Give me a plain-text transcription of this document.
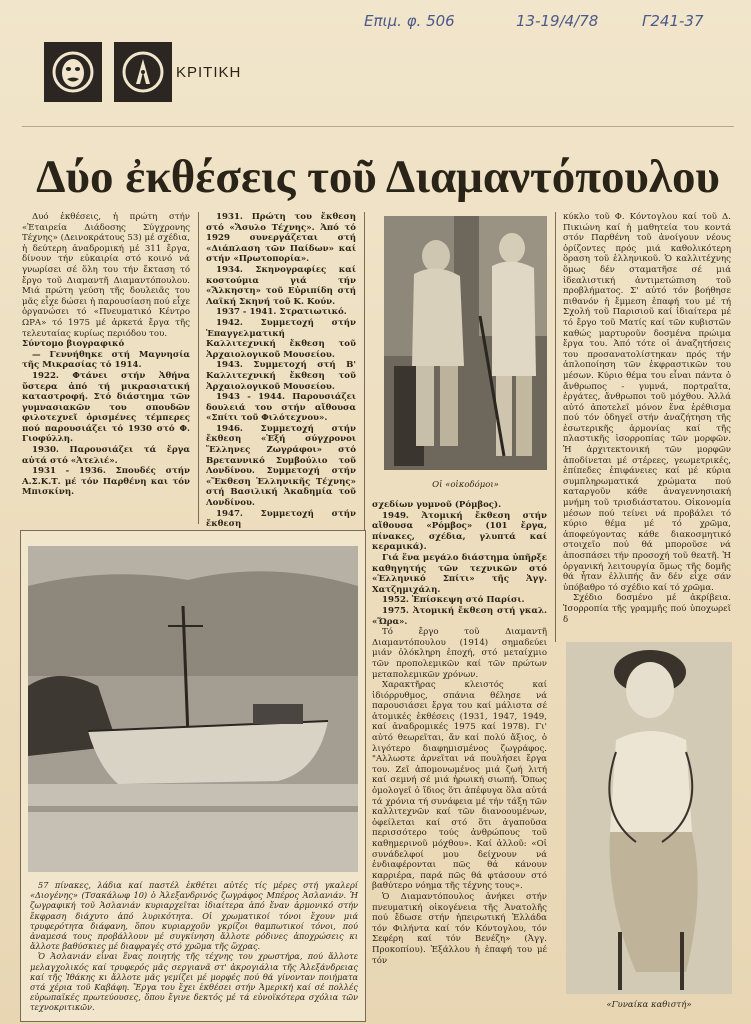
Επιμ. φ. 506	13-19/4/78	Γ241-37
ΚΡΙΤΙΚΗ
Δύο ἐκθέσεις τοῦ Διαμαντόπουλου

Δυό ἐκθέσεις, ἡ πρώτη στήν «Ἑταιρεία Διάδοσης Σύγχρονης Τέχνης» (Δεινοκράτους 53) μέ σχέδια, ἡ δεύτερη ἀναδρομική μέ 311 ἔργα, δίνουν τήν εὐκαιρία στό κοινό νά γνωρίσει σέ ὅλη του τήν ἔκταση τό ἔργο τοῦ Διαμαντῆ Διαμαντόπουλου. Μιά πρώτη γεύση τῆς δουλειᾶς του μᾶς εἶχε δώσει ἡ παρουσίαση πού εἶχε ὀργανώσει τό «Πνευματικό Κέντρο ΩΡΑ» τό 1975 μέ ἀρκετά ἔργα τῆς τελευταίας κυρίως περιόδου του.

Σύντομο βιογραφικό

— Γεννήθηκε στή Μαγνησία τῆς Μικρασίας τό 1914.

1922. Φτάνει στήν Ἀθήνα ὕστερα ἀπό τή μικρασιατική καταστροφή. Στό διάστημα τῶν γυμνασιακῶν του σπουδῶν φιλοτεχνεῖ ὁρισμένες τέμπερες πού παρουσιάζει τό 1930 στό Φ. Γιοφύλλη.

1930. Παρουσιάζει τά ἔργα αὐτά στό «Ἀτελιέ».

1931 - 1936. Σπουδές στήν Α.Σ.Κ.Τ. μέ τόν Παρθένη και τόν Μπισκίνη.

1931. Πρώτη του ἔκθεση στό «Ἄσυλο Τέχνης». Ἀπό τό 1929 συνεργάζεται στή «Διάπλαση τῶν Παίδων» καί στήν «Πρωτοπορία».

1934. Σκηνογραφίες καί κοστούμια γιά τήν «Ἄλκηστη» τοῦ Εὐριπίδη στή Λαϊκή Σκηνή τοῦ Κ. Κούν.

1937 - 1941. Στρατιωτικό.

1942. Συμμετοχή στήν Ἐπαγγελματική Καλλιτεχνική ἔκθεση τοῦ Ἀρχαιολογικοῦ Μουσείου.

1943. Συμμετοχή στή Β' Καλλιτεχνική ἔκθεση τοῦ Ἀρχαιολογικοῦ Μουσείου.

1943 - 1944. Παρουσιάζει δουλειά του στήν αἴθουσα «Σπίτι τοῦ Φιλότεχνου».

1946. Συμμετοχή στήν ἔκθεση «Ἐξή σύγχρονοι Ἕλληνες Ζωγράφοι» στό Βρεταννικό Συμβούλιο τοῦ Λονδίνου. Συμμετοχή στήν «Ἔκθεση Ἑλληνικῆς Τέχνης» στή Βασιλική Ἀκαδημία τοῦ Λονδίνου.

1947. Συμμετοχή στήν ἔκθεση

Οἱ «οἰκοδόμοι»

σχεδίων γυμνοῦ (Ρόμβος).

1949. Ἀτομική ἔκθεση στήν αἴθουσα «Ρόμβος» (101 ἔργα, πίνακες, σχέδια, γλυπτά καί κεραμικά).

Γιά ἕνα μεγάλο διάστημα ὑπῆρξε καθηγητής τῶν τεχνικῶν στό «Ἑλληνικό Σπίτι» τῆς Ἀγγ. Χατζημιχάλη.

1952. Ἐπίσκεψη στό Παρίσι.

1975. Ἀτομική ἔκθεση στή γκαλ. «Ὥρα».

Τό ἔργο τοῦ Διαμαντῆ Διαμαντόπουλου (1914) σημαδεύει μιάν ὁλόκληρη ἐποχή, στό μεταίχμιο τῶν προπολεμικῶν καί τῶν πρώτων μεταπολεμικῶν χρόνων.

Χαρακτῆρας κλειστός καί ἰδιόρρυθμος, σπάνια θέλησε νά παρουσιάσει ἔργα του καί μάλιστα σέ ἀτομικές ἐκθέσεις (1931, 1947, 1949, καί ἀναδρομικές 1975 καί 1978). Γι' αὐτό θεωρεῖται, ἄν καί πολύ ἄξιος, ὁ λιγότερο διαφημισμένος ζωγράφος. "Αλλωστε ἀρνεῖται νά πουλήσει ἔργα του. Ζεῖ ἀπομονωμένος μιά ζωή λιτή καί σεμνή σέ μιά ἡρωική σιωπή. Ὅπως ὁμολογεῖ ὁ ἴδιος ὅτι ἀπέφυγα ὅλα αὐτά τά χρόνια τή συνάφεια μέ τήν τάξη τῶν καλλιτεχνῶν καί τῶν διανοουμένων, ὀφείλεται καί στό ὅτι ἀγαποῦσα περισσότερο τούς ἀνθρώπους τοῦ καθημερινοῦ μόχθου». Καί ἀλλοῦ: «Οἱ συνάδελφοί μου δείχνουν νά ἐνδιαφέρονται πῶς θά κάνουν καρριέρα, παρά πῶς θά φτάσουν στό βαθύτερο νόημα τῆς τέχνης τους».

Ὁ Διαμαντόπουλος ἀνήκει στήν πνευματική οἰκογένεια τῆς Ἀνατολῆς πού ἔδωσε στήν ἠπειρωτική Ἑλλάδα τόν Φιλήντα καί τόν Κόντογλου, τόν Σεφέρη καί τόν Βενέζη» (Ἀγγ. Προκοπίου). Ἐξάλλου ἡ ἐπαφή του μέ τόν

κύκλο τοῦ Φ. Κόντογλου καί τοῦ Δ. Πικιώνη καί ἡ μαθητεία του κοντά στόν Παρθένη τοῦ ἀνοίγουν νέους ὁρίζοντες πρός μιά καθολικότερη ὅραση τοῦ ἑλληνικοῦ. Ὁ καλλιτέχνης ὅμως δέν σταματῆσε σέ μιά ἰδεαλιστική ἀντιμετώπιση τοῦ προβλήματος. Σ' αὐτό τόν βοήθησε πιθανόν ἡ ἔμμεση ἐπαφή του μέ τή Σχολή τοῦ Παρισιοῦ καί ἰδιαίτερα μέ τό ἔργο τοῦ Ματίς καί τῶν κυβιστῶν καθώς μαρτυροῦν δοσμένα πρώιμα ἔργα του. Ἀπό τότε οἱ ἀναζητήσεις του προσανατολίστηκαν πρός τήν ἀπλοποίηση τῶν ἐκφραστικῶν του μέσων. Κύριο θέμα του εἶναι πάντα ὁ ἄνθρωπος - γυμνά, πορτραῖτα, ἐργάτες, ἄνθρωποι τοῦ μόχθου. Ἀλλά αὐτό ἀποτελεῖ μόνον ἕνα ἐρέθισμα πού τόν ὁδηγεῖ στήν ἀναζήτηση τῆς ἐσωτερικῆς ἁρμονίας καί τῆς πλαστικῆς ἰσορροπίας τῶν μορφῶν. Ἡ ἀρχιτεκτονική τῶν μορφῶν ἀποδίνεται μέ στέρεες, γεωμετρικές, ἐπίπεδες ἐπιφάνειες καί μέ κύρια συμπληρωματικά χρώματα πού καταργοῦν κάθε ἀναγεννησιακή μνήμη τοῦ τρισδιάστατου. Οἰκονομία μέσων πού τείνει νά προβάλει τό κύριο θέμα μέ τό χρῶμα, ἀποφεύγοντας κάθε διακοσμητικό στοιχεῖο πού θά μποροῦσε νά ἀποσπάσει τήν προσοχή τοῦ θεατῆ. Ἡ ὀργανική λειτουργία ὅμως τῆς δομῆς θά ἦταν ἐλλιπής ἄν δέν εἶχε σάν ὑπόβαθρο τό σχέδιο καί τό χρῶμα.

Σχέδιο δοσμένο μέ ἀκρίβεια. Ἰσορροπία τῆς γραμμῆς πού ὑποχωρεῖ δ

«Γυναίκα καθιστή»

57 πίνακες, λάδια καί παστέλ ἐκθέτει αὐτές τίς μέρες στή γκαλερί «Διογένης» (Τσακάλωφ 10) ὁ Ἀλεξανδρινός ζωγράφος Μπέρος Ἀσλανιάν. Ἡ ζωγραφική τοῦ Ἀσλανιάν κυριαρχεῖται ἰδιαίτερα ἀπό ἕναν ἁρμονικό στήν ἔκφραση διάχυτο ἀπό λυρικότητα. Οἱ χρωματικοί τόνοι ἔχουν μιά τρυφερότητα διάφανη, ὅπου κυριαρχοῦν γκρίζοι θαμπωτικοί τόνοι, πού ἀναμεσά τους προβάλλουν μέ συγκίνηση ἄλλοτε ρόδινες ἀποχρώσεις κι ἄλλοτε βαθύσκιες μέ διαφραγές στό χρῶμα τῆς ὥχρας.

Ὁ Ἀσλανιάν εἶναι ἕνας ποιητής τῆς τέχνης του χρωστήρα, πού ἄλλοτε μελαγχολικός καί τρυφερός μᾶς σεργιανᾶ στ' ἀκρογιάλια τῆς Ἀλεξάνδρειας καί τῆς Ἰθάκης κι ἄλλοτε μᾶς γεμίζει μέ μορφές πού θά γίνονταν ποιήματα στά χέρια τοῦ Καβάφη. Ἔργα του ἔχει ἐκθέσει στήν Ἀμερική καί σέ πολλές εὐρωπαϊκές πρωτεύουσες, ὅπου ἔγινε δεκτός μέ τά εὐνοϊκότερα σχόλια τῶν τεχνοκριτικῶν.
